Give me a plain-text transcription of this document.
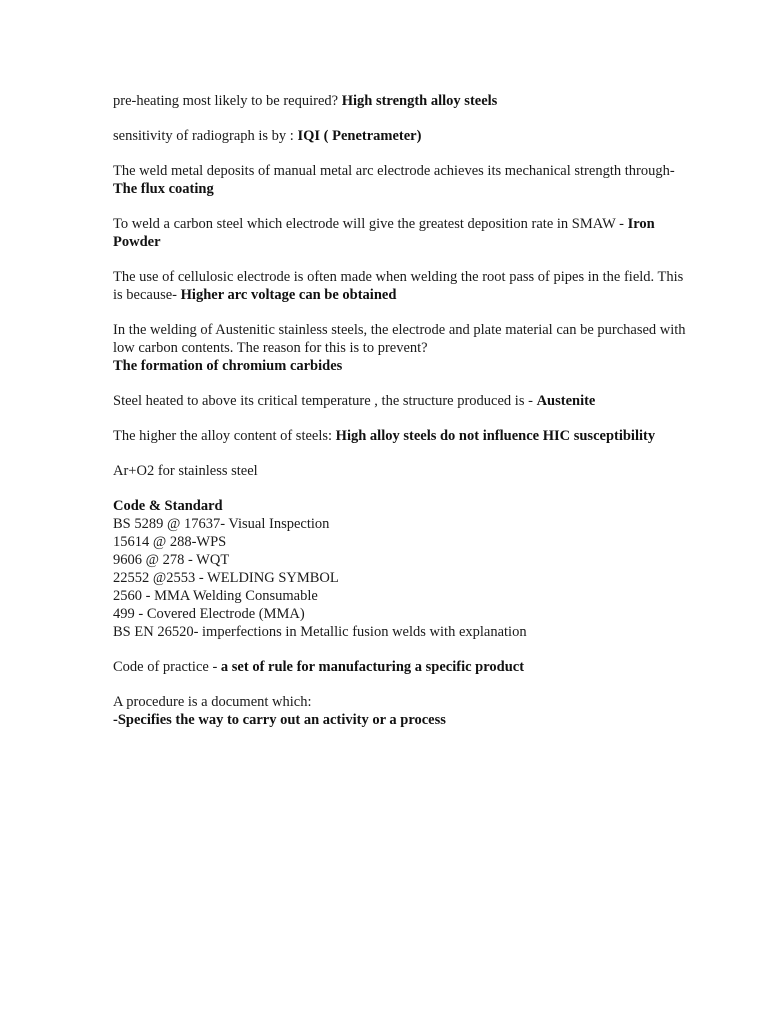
pre-heating most likely to be required? High strength alloy steels

sensitivity of radiograph is by : IQI ( Penetrameter)

The weld metal deposits of manual metal arc electrode achieves its mechanical strength through- The flux coating

To weld a carbon steel which electrode will give the greatest deposition rate in SMAW - Iron Powder

The use of cellulosic electrode is often made when welding the root pass of pipes in the field. This is because- Higher arc voltage can be obtained

In the welding of Austenitic stainless steels, the electrode and plate material can be purchased with low carbon contents. The reason for this is to prevent?
The formation of chromium carbides

Steel heated to above its critical temperature , the structure produced is - Austenite

The higher the alloy content of steels: High alloy steels do not influence HIC susceptibility

Ar+O2 for stainless steel

Code & Standard
BS 5289 @ 17637- Visual Inspection
15614 @ 288-WPS
9606 @ 278 - WQT
22552 @2553 - WELDING SYMBOL
2560 - MMA Welding Consumable
499 - Covered Electrode (MMA)
BS EN 26520- imperfections in Metallic fusion welds with explanation

Code of practice - a set of rule for manufacturing a specific product

A procedure is a document which:
-Specifies the way to carry out an activity or a process
